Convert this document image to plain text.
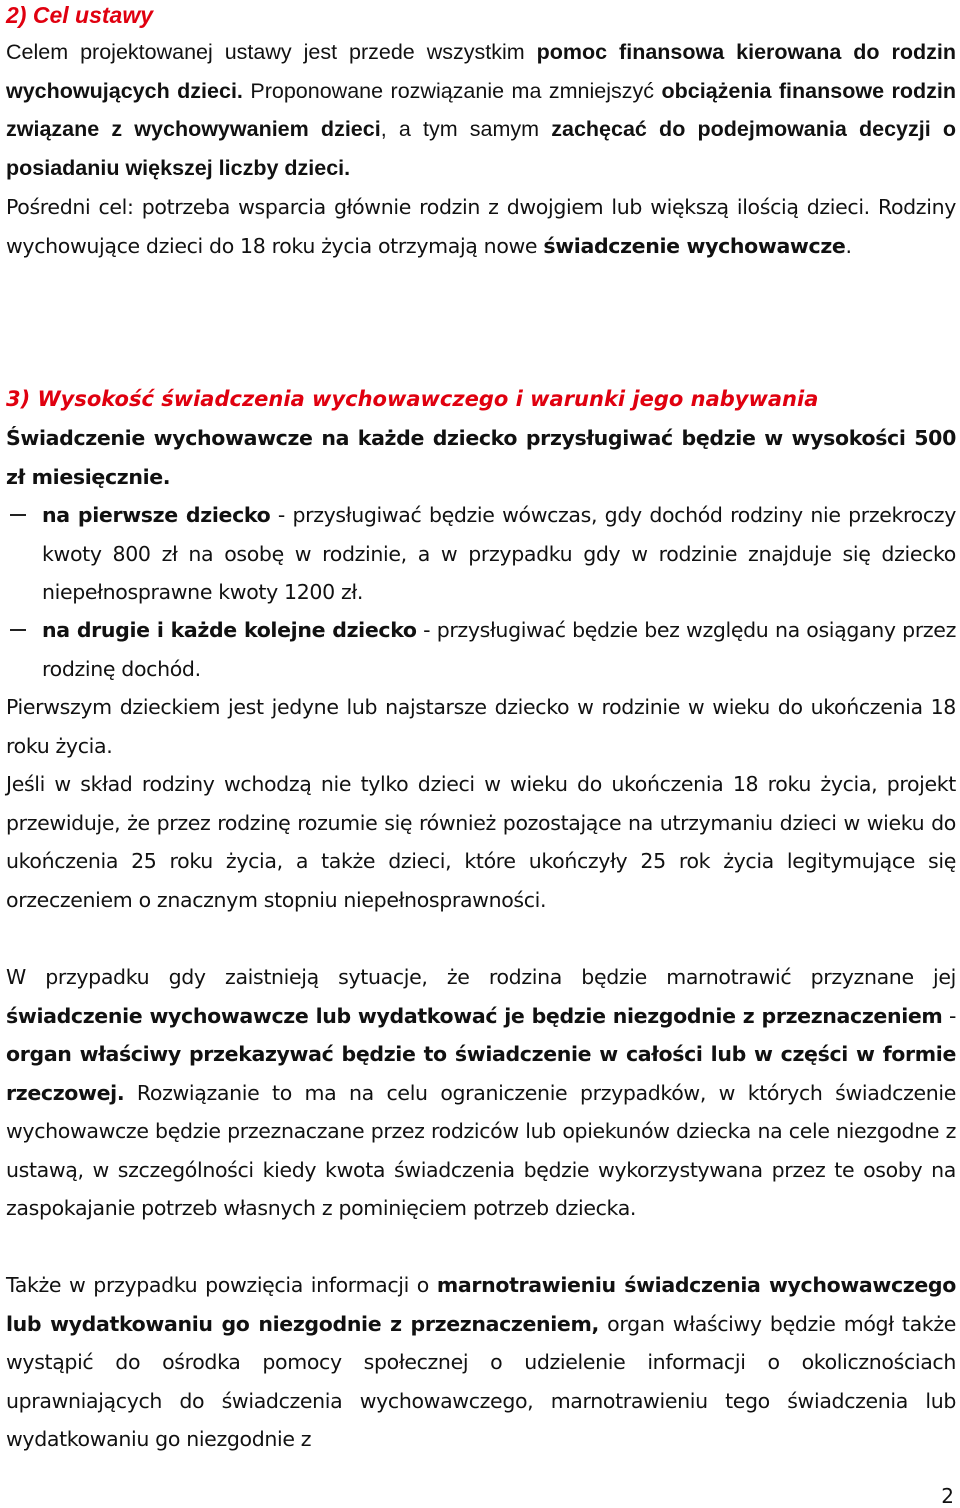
2) Cel ustawy

Celem projektowanej ustawy jest przede wszystkim pomoc finansowa kierowana do rodzin wychowujących dzieci. Proponowane rozwiązanie ma zmniejszyć obciążenia finansowe rodzin związane z wychowywaniem dzieci, a tym samym zachęcać do podejmowania decyzji o posiadaniu większej liczby dzieci.

Pośredni cel: potrzeba wsparcia głównie rodzin z dwojgiem lub większą ilością dzieci. Rodziny wychowujące dzieci do 18 roku życia otrzymają nowe świadczenie wychowawcze.

3) Wysokość świadczenia wychowawczego i warunki jego nabywania

Świadczenie wychowawcze na każde dziecko przysługiwać będzie w wysokości 500 zł miesięcznie.

na pierwsze dziecko - przysługiwać będzie wówczas, gdy dochód rodziny nie przekroczy kwoty 800 zł na osobę w rodzinie, a w przypadku gdy w rodzinie znajduje się dziecko niepełnosprawne kwoty 1200 zł.

na drugie i każde kolejne dziecko - przysługiwać będzie bez względu na osiągany przez rodzinę dochód.

Pierwszym dzieckiem jest jedyne lub najstarsze dziecko w rodzinie w wieku do ukończenia 18 roku życia.

Jeśli w skład rodziny wchodzą nie tylko dzieci w wieku do ukończenia 18 roku życia, projekt przewiduje, że przez rodzinę rozumie się również pozostające na utrzymaniu dzieci w wieku do ukończenia 25 roku życia, a także dzieci, które ukończyły 25 rok życia legitymujące się orzeczeniem o znacznym stopniu niepełnosprawności.

W przypadku gdy zaistnieją sytuacje, że rodzina będzie marnotrawić przyznane jej świadczenie wychowawcze lub wydatkować je będzie niezgodnie z przeznaczeniem - organ właściwy przekazywać będzie to świadczenie w całości lub w części w formie rzeczowej. Rozwiązanie to ma na celu ograniczenie przypadków, w których świadczenie wychowawcze będzie przeznaczane przez rodziców lub opiekunów dziecka na cele niezgodne z ustawą, w szczególności kiedy kwota świadczenia będzie wykorzystywana przez te osoby na zaspokajanie potrzeb własnych z pominięciem potrzeb dziecka.

Także w przypadku powzięcia informacji o marnotrawieniu świadczenia wychowawczego lub wydatkowaniu go niezgodnie z przeznaczeniem, organ właściwy będzie mógł także wystąpić do ośrodka pomocy społecznej o udzielenie informacji o okolicznościach uprawniających do świadczenia wychowawczego, marnotrawieniu tego świadczenia lub wydatkowaniu go niezgodnie z

2
